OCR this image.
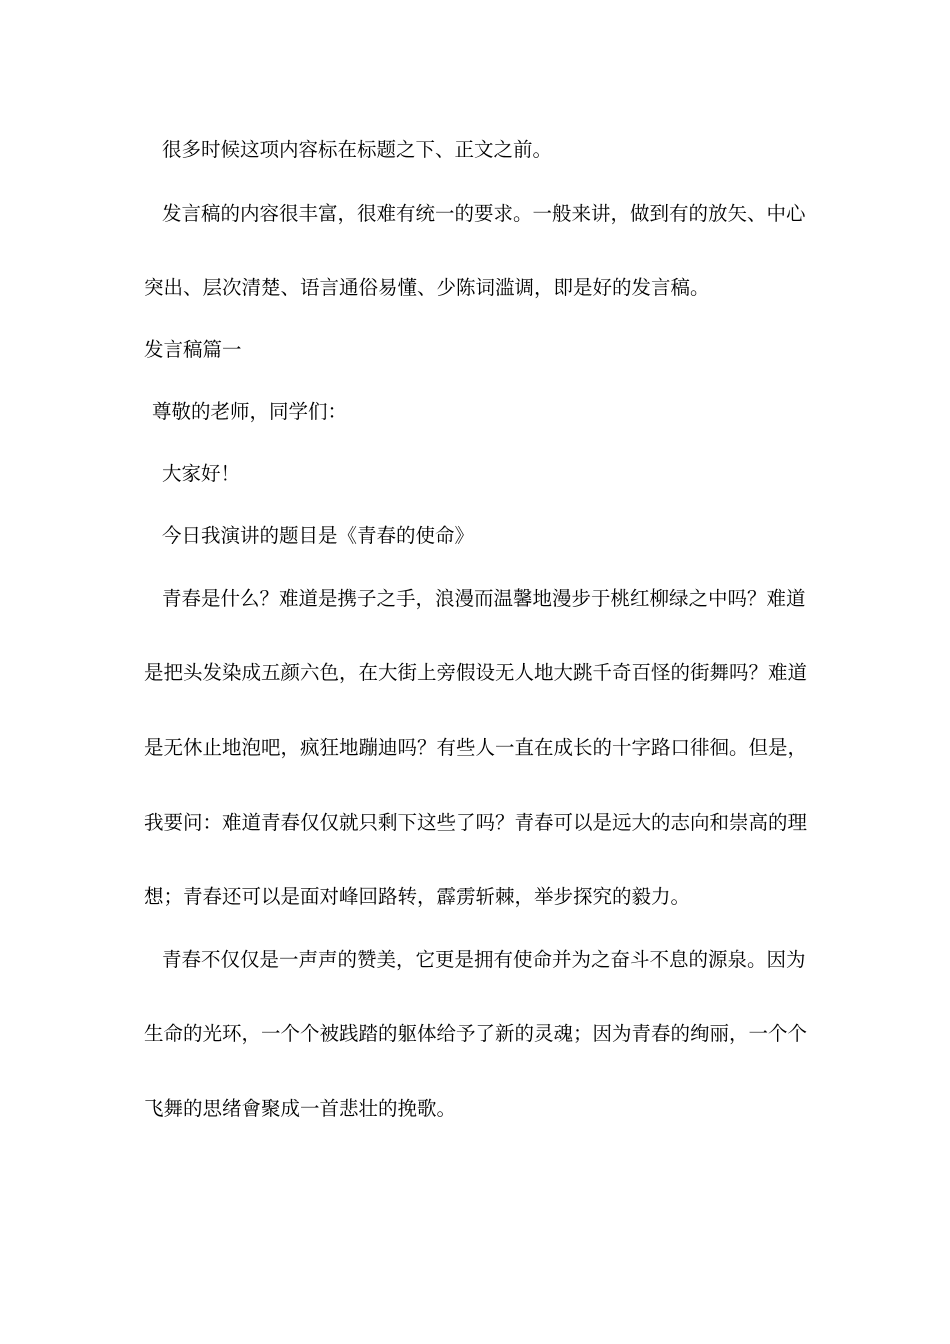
很多时候这项内容标在标题之下、正文之前。
发言稿的内容很丰富，很难有统一的要求。一般来讲，做到有的放矢、中心
突出、层次清楚、语言通俗易懂、少陈词滥调，即是好的发言稿。
发言稿篇一
尊敬的老师，同学们：
大家好！
今日我演讲的题目是《青春的使命》
青春是什么？难道是携子之手，浪漫而温馨地漫步于桃红柳绿之中吗？难道
是把头发染成五颜六色，在大街上旁假设无人地大跳千奇百怪的街舞吗？难道
是无休止地泡吧，疯狂地蹦迪吗？有些人一直在成长的十字路口徘徊。但是，
我要问：难道青春仅仅就只剩下这些了吗？青春可以是远大的志向和崇高的理
想；青春还可以是面对峰回路转，霹雳斩棘，举步探究的毅力。
青春不仅仅是一声声的赞美，它更是拥有使命并为之奋斗不息的源泉。因为
生命的光环，一个个被践踏的躯体给予了新的灵魂；因为青春的绚丽，一个个
飞舞的思绪會聚成一首悲壮的挽歌。
